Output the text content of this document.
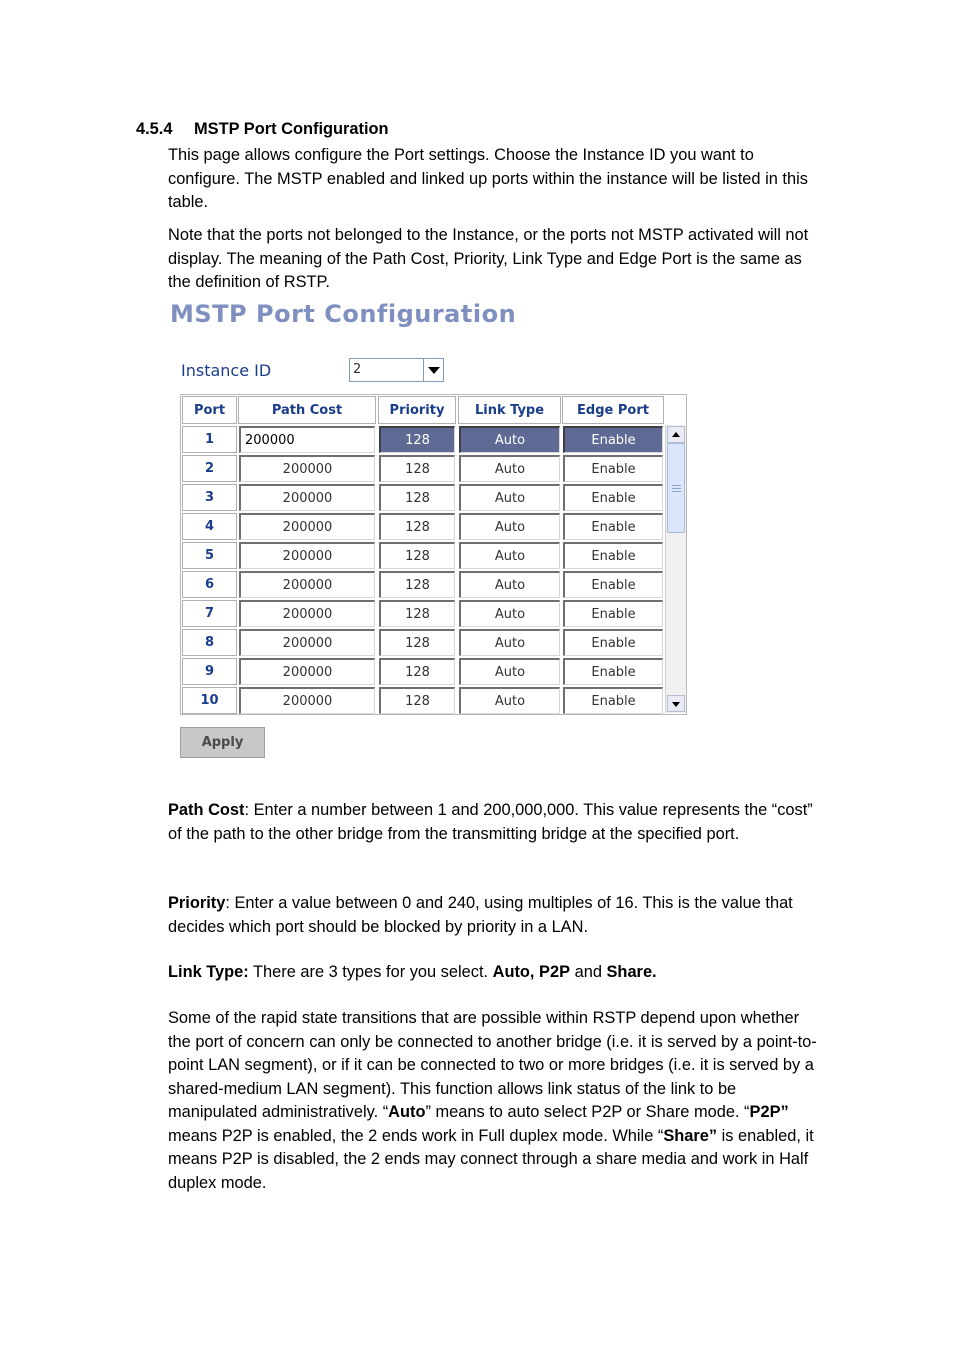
4.5.4 MSTP Port Configuration
This page allows configure the Port settings. Choose the Instance ID you want to configure. The MSTP enabled and linked up ports within the instance will be listed in this table.
Note that the ports not belonged to the Instance, or the ports not MSTP activated will not display. The meaning of the Path Cost, Priority, Link Type and Edge Port is the same as the definition of RSTP.
MSTP Port Configuration
Instance ID	2
Port	Path Cost	Priority	Link Type	Edge Port
1	200000	128	Auto	Enable
2	200000	128	Auto	Enable
3	200000	128	Auto	Enable
4	200000	128	Auto	Enable
5	200000	128	Auto	Enable
6	200000	128	Auto	Enable
7	200000	128	Auto	Enable
8	200000	128	Auto	Enable
9	200000	128	Auto	Enable
10	200000	128	Auto	Enable
Apply
Path Cost: Enter a number between 1 and 200,000,000. This value represents the “cost” of the path to the other bridge from the transmitting bridge at the specified port.
Priority: Enter a value between 0 and 240, using multiples of 16. This is the value that decides which port should be blocked by priority in a LAN.
Link Type: There are 3 types for you select. Auto, P2P and Share.
Some of the rapid state transitions that are possible within RSTP depend upon whether the port of concern can only be connected to another bridge (i.e. it is served by a point-to-point LAN segment), or if it can be connected to two or more bridges (i.e. it is served by a shared-medium LAN segment). This function allows link status of the link to be manipulated administratively. “Auto” means to auto select P2P or Share mode. “P2P” means P2P is enabled, the 2 ends work in Full duplex mode. While “Share” is enabled, it means P2P is disabled, the 2 ends may connect through a share media and work in Half duplex mode.
